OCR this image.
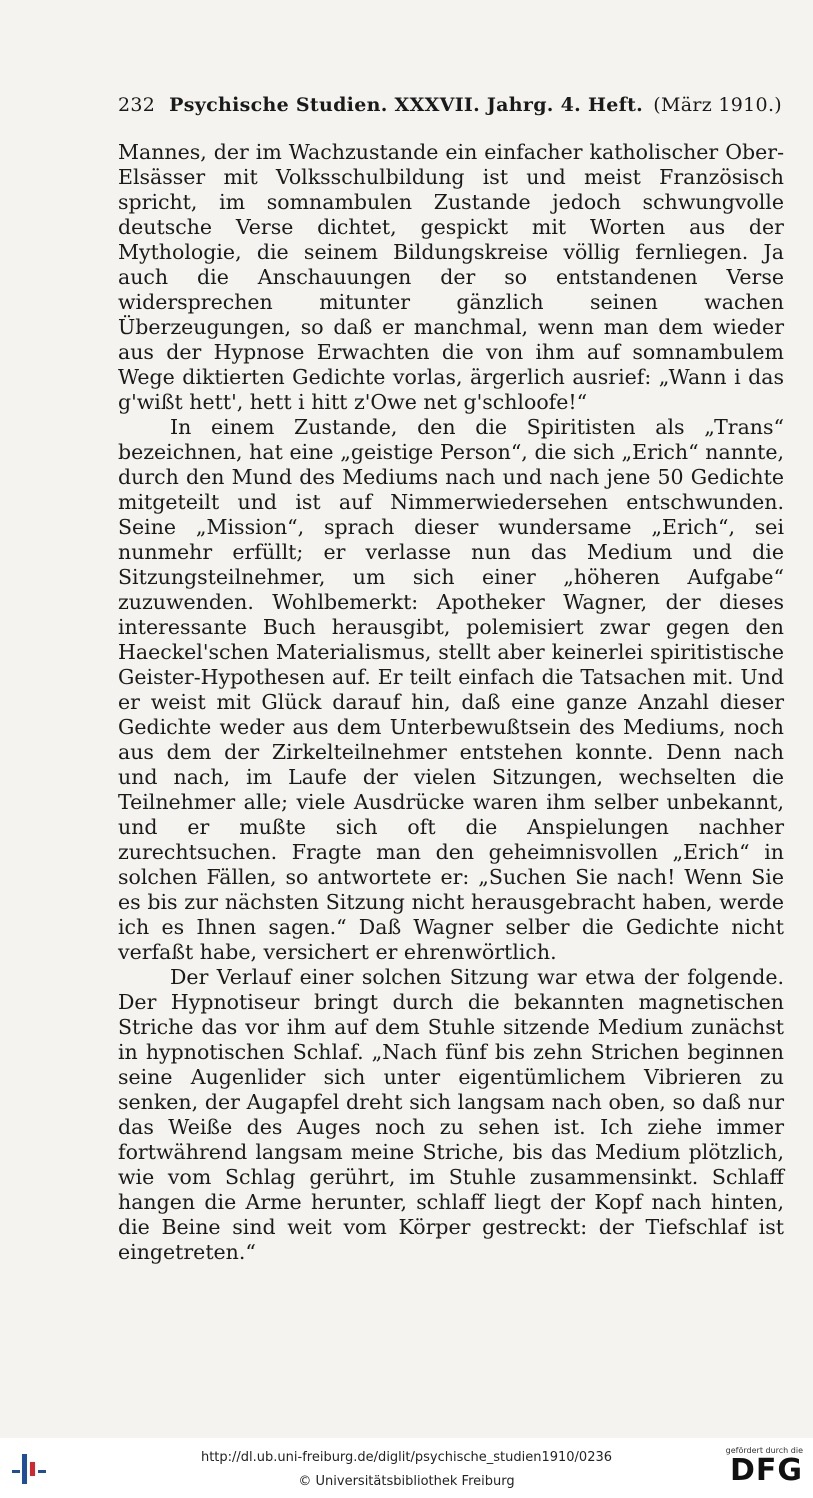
232 Psychische Studien. XXXVII. Jahrg. 4. Heft. (März 1910.)

Mannes, der im Wachzustande ein einfacher katholischer Ober-Elsässer mit Volksschulbildung ist und meist Französisch spricht, im somnambulen Zustande jedoch schwungvolle deutsche Verse dichtet, gespickt mit Worten aus der Mythologie, die seinem Bildungskreise völlig fernliegen. Ja auch die Anschauungen der so entstandenen Verse widersprechen mitunter gänzlich seinen wachen Überzeugungen, so daß er manchmal, wenn man dem wieder aus der Hypnose Erwachten die von ihm auf somnambulem Wege diktierten Gedichte vorlas, ärgerlich ausrief: „Wann i das g'wißt hett', hett i hitt z'Owe net g'schloofe!“

In einem Zustande, den die Spiritisten als „Trans“ bezeichnen, hat eine „geistige Person“, die sich „Erich“ nannte, durch den Mund des Mediums nach und nach jene 50 Gedichte mitgeteilt und ist auf Nimmerwiedersehen entschwunden. Seine „Mission“, sprach dieser wundersame „Erich“, sei nunmehr erfüllt; er verlasse nun das Medium und die Sitzungsteilnehmer, um sich einer „höheren Aufgabe“ zuzuwenden. Wohlbemerkt: Apotheker Wagner, der dieses interessante Buch herausgibt, polemisiert zwar gegen den Haeckel'schen Materialismus, stellt aber keinerlei spiritistische Geister-Hypothesen auf. Er teilt einfach die Tatsachen mit. Und er weist mit Glück darauf hin, daß eine ganze Anzahl dieser Gedichte weder aus dem Unterbewußtsein des Mediums, noch aus dem der Zirkelteilnehmer entstehen konnte. Denn nach und nach, im Laufe der vielen Sitzungen, wechselten die Teilnehmer alle; viele Ausdrücke waren ihm selber unbekannt, und er mußte sich oft die Anspielungen nachher zurechtsuchen. Fragte man den geheimnisvollen „Erich“ in solchen Fällen, so antwortete er: „Suchen Sie nach! Wenn Sie es bis zur nächsten Sitzung nicht herausgebracht haben, werde ich es Ihnen sagen.“ Daß Wagner selber die Gedichte nicht verfaßt habe, versichert er ehrenwörtlich.

Der Verlauf einer solchen Sitzung war etwa der folgende. Der Hypnotiseur bringt durch die bekannten magnetischen Striche das vor ihm auf dem Stuhle sitzende Medium zunächst in hypnotischen Schlaf. „Nach fünf bis zehn Strichen beginnen seine Augenlider sich unter eigentümlichem Vibrieren zu senken, der Augapfel dreht sich langsam nach oben, so daß nur das Weiße des Auges noch zu sehen ist. Ich ziehe immer fortwährend langsam meine Striche, bis das Medium plötzlich, wie vom Schlag gerührt, im Stuhle zusammensinkt. Schlaff hangen die Arme herunter, schlaff liegt der Kopf nach hinten, die Beine sind weit vom Körper gestreckt: der Tiefschlaf ist eingetreten.“

http://dl.ub.uni-freiburg.de/diglit/psychische_studien1910/0236
© Universitätsbibliothek Freiburg
gefördert durch die
DFG
